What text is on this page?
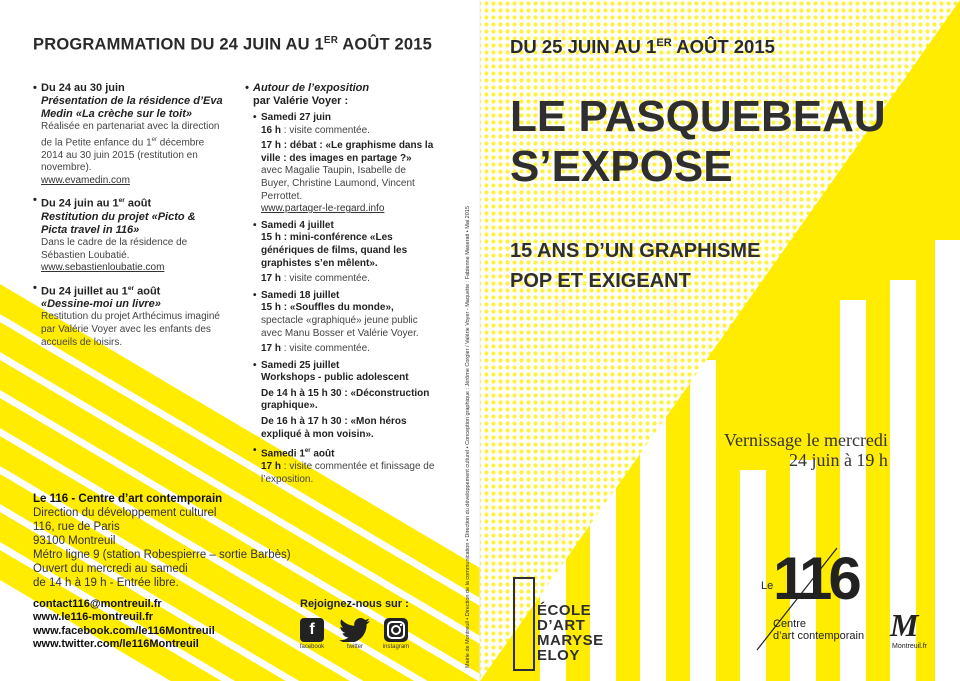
PROGRAMMATION DU 24 JUIN AU 1ER AOÛT 2015
• Du 24 au 30 juin
Présentation de la résidence d’Eva Medin «La crèche sur le toit»
Réalisée en partenariat avec la direction de la Petite enfance du 1er décembre 2014 au 30 juin 2015 (restitution en novembre).
www.evamedin.com
• Du 24 juin au 1er août
Restitution du projet «Picto & Picta travel in 116»
Dans le cadre de la résidence de Sébastien Loubatié.
www.sebastienloubatie.com
• Du 24 juillet au 1er août
«Dessine-moi un livre»
Restitution du projet Arthécimus imaginé par Valérie Voyer avec les enfants des accueils de loisirs.
• Autour de l’exposition
par Valérie Voyer :
• Samedi 27 juin
16 h : visite commentée.
17 h : débat : «Le graphisme dans la ville : des images en partage ?»
avec Magalie Taupin, Isabelle de Buyer, Christine Laumond, Vincent Perrottet.
www.partager-le-regard.info
• Samedi 4 juillet
15 h : mini-conférence «Les génériques de films, quand les graphistes s’en mêlent».
17 h : visite commentée.
• Samedi 18 juillet
15 h : «Souffles du monde»,
spectacle «graphiqué» jeune public avec Manu Bosser et Valérie Voyer.
17 h : visite commentée.
• Samedi 25 juillet
Workshops - public adolescent
De 14 h à 15 h 30 : «Déconstruction graphique».
De 16 h à 17 h 30 : «Mon héros expliqué à mon voisin».
• Samedi 1er août
17 h : visite commentée et finissage de l’exposition.
Le 116 - Centre d’art contemporain
Direction du développement culturel
116, rue de Paris
93100 Montreuil
Métro ligne 9 (station Robespierre – sortie Barbès)
Ouvert du mercredi au samedi
de 14 h à 19 h - Entrée libre.
contact116@montreuil.fr
www.le116-montreuil.fr
www.facebook.com/le116Montreuil
www.twitter.com/le116Montreuil
Rejoignez-nous sur :
f
facebook	twitter	instagram	Mairie de Montreuil • Direction de la communication • Direction du développement culturel • Conception graphique : Jérôme Corgier / Valérie Voyer - Maquette : Fabienne Maserati • Mai 2015
DU 25 JUIN AU 1ER AOÛT 2015
LE PASQUEBEAU
S’EXPOSE
15 ANS D’UN GRAPHISME
POP ET EXIGEANT
Vernissage le mercredi
24 juin à 19 h
ÉCOLE
D’ART
MARYSE
ELOY
Le 116
Centre
d’art contemporain M
Montreuil.fr
